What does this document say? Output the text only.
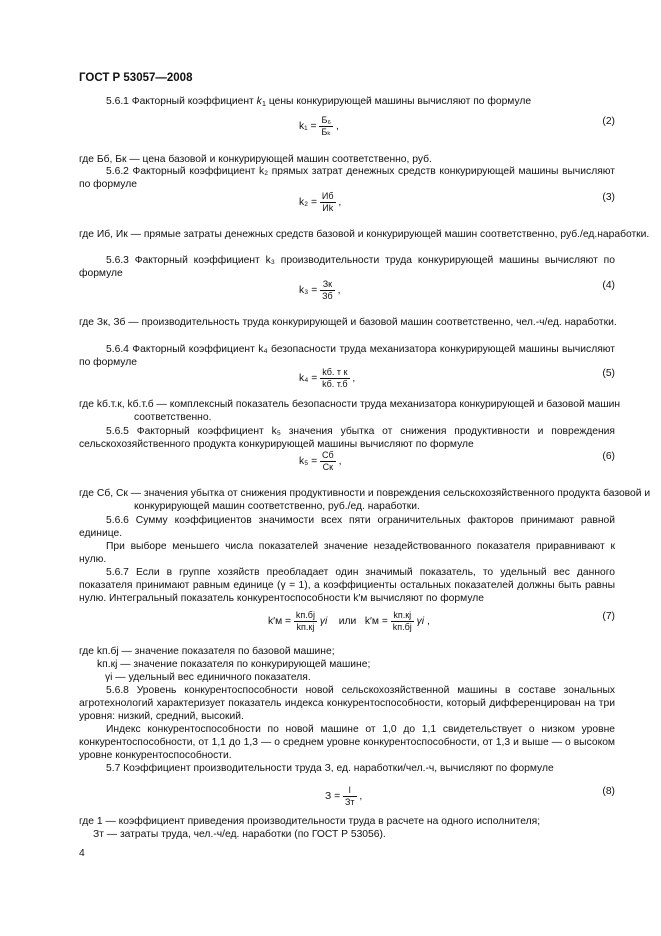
ГОСТ Р 53057—2008
5.6.1 Факторный коэффициент $k_1$ цены конкурирующей машины вычисляют по формуле
$k_1 = \frac{\text{Б₆}}{\text{Бₖ}}$ ,	(2)
где Бб, Бк — цена базовой и конкурирующей машин соответственно, руб.
5.6.2 Факторный коэффициент k₂ прямых затрат денежных средств конкурирующей машины вычисляют по формуле
$k_2 = \frac{Иб}{Иk}$ ,	(3)
где Иб, Ик — прямые затраты денежных средств базовой и конкурирующей машин соответственно, руб./ед.наработки.
5.6.3 Факторный коэффициент k₃ производительности труда конкурирующей машины вычисляют по формуле
$k_3 = \frac{Зк}{Зб}$ ,	(4)
где Зк, Зб — производительность труда конкурирующей и базовой машин соответственно, чел.-ч/ед. наработки.
5.6.4 Факторный коэффициент k₄ безопасности труда механизатора конкурирующей машины вычисляют по формуле
$k_4 = \frac{\text{kб. т к}}{kб. т.б}$ ,	(5)
где kб.т.к, kб.т.б — комплексный показатель безопасности труда механизатора конкурирующей и базовой машин соответственно.
5.6.5 Факторный коэффициент k₅ значения убытка от снижения продуктивности и повреждения сельскохозяйственного продукта конкурирующей машины вычисляют по формуле
$k_5 = \frac{Сб}{Ск}$ ,	(6)
где Сб, Ск — значения убытка от снижения продуктивности и повреждения сельскохозяйственного продукта базовой и конкурирующей машин соответственно, руб./ед. наработки.
5.6.6 Сумму коэффициентов значимости всех пяти ограничительных факторов принимают равной единице.
При выборе меньшего числа показателей значение незадействованного показателя приравнивают к нулю.
5.6.7 Если в группе хозяйств преобладает один значимый показатель, то удельный вес данного показателя принимают равным единице (γ = 1), а коэффициенты остальных показателей должны быть равны нулю. Интегральный показатель конкурентоспособности k′м вычисляют по формуле
$k'м = \frac{kп.бj}{kп.кj}$ γi или $k'м = \frac{kп.кj}{kп.бj}$ γi ,	(7)
где kп.бj — значение показателя по базовой машине;
kп.кj — значение показателя по конкурирующей машине;
γi — удельный вес единичного показателя.
5.6.8 Уровень конкурентоспособности новой сельскохозяйственной машины в составе зональных агротехнологий характеризует показатель индекса конкурентоспособности, который дифференцирован на три уровня: низкий, средний, высокий.
Индекс конкурентоспособности по новой машине от 1,0 до 1,1 свидетельствует о низком уровне конкурентоспособности, от 1,1 до 1,3 — о среднем уровне конкурентоспособности, от 1,3 и выше — о высоком уровне конкурентоспособности.
5.7 Коэффициент производительности труда З, ед. наработки/чел.-ч, вычисляют по формуле
$З = \frac{l}{Зт}$ ,	(8)
где 1 — коэффициент приведения производительности труда в расчете на одного исполнителя;
Зт — затраты труда, чел.-ч/ед. наработки (по ГОСТ Р 53056).
4
